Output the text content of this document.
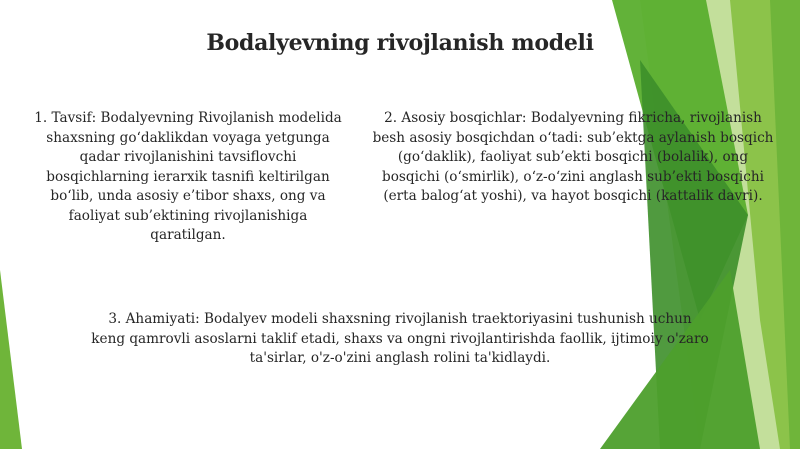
Bodalyevning rivojlanish modeli
1. Tavsif: Bodalyevning Rivojlanish modelida shaxsning go‘daklikdan voyaga yetgunga qadar rivojlanishini tavsiflovchi bosqichlarning ierarxik tasnifi keltirilgan bo‘lib, unda asosiy e’tibor shaxs, ong va faoliyat sub’ektining rivojlanishiga qaratilgan.
2. Asosiy bosqichlar: Bodalyevning fikricha, rivojlanish besh asosiy bosqichdan o‘tadi: sub’ektga aylanish bosqich (go‘daklik), faoliyat sub’ekti bosqichi (bolalik), ong bosqichi (o‘smirlik), o‘z-o‘zini anglash sub’ekti bosqichi (erta balog‘at yoshi), va hayot bosqichi (kattalik davri).
3. Ahamiyati: Bodalyev modeli shaxsning rivojlanish traektoriyasini tushunish uchun keng qamrovli asoslarni taklif etadi, shaxs va ongni rivojlantirishda faollik, ijtimoiy o'zaro ta'sirlar, o'z-o'zini anglash rolini ta'kidlaydi.
